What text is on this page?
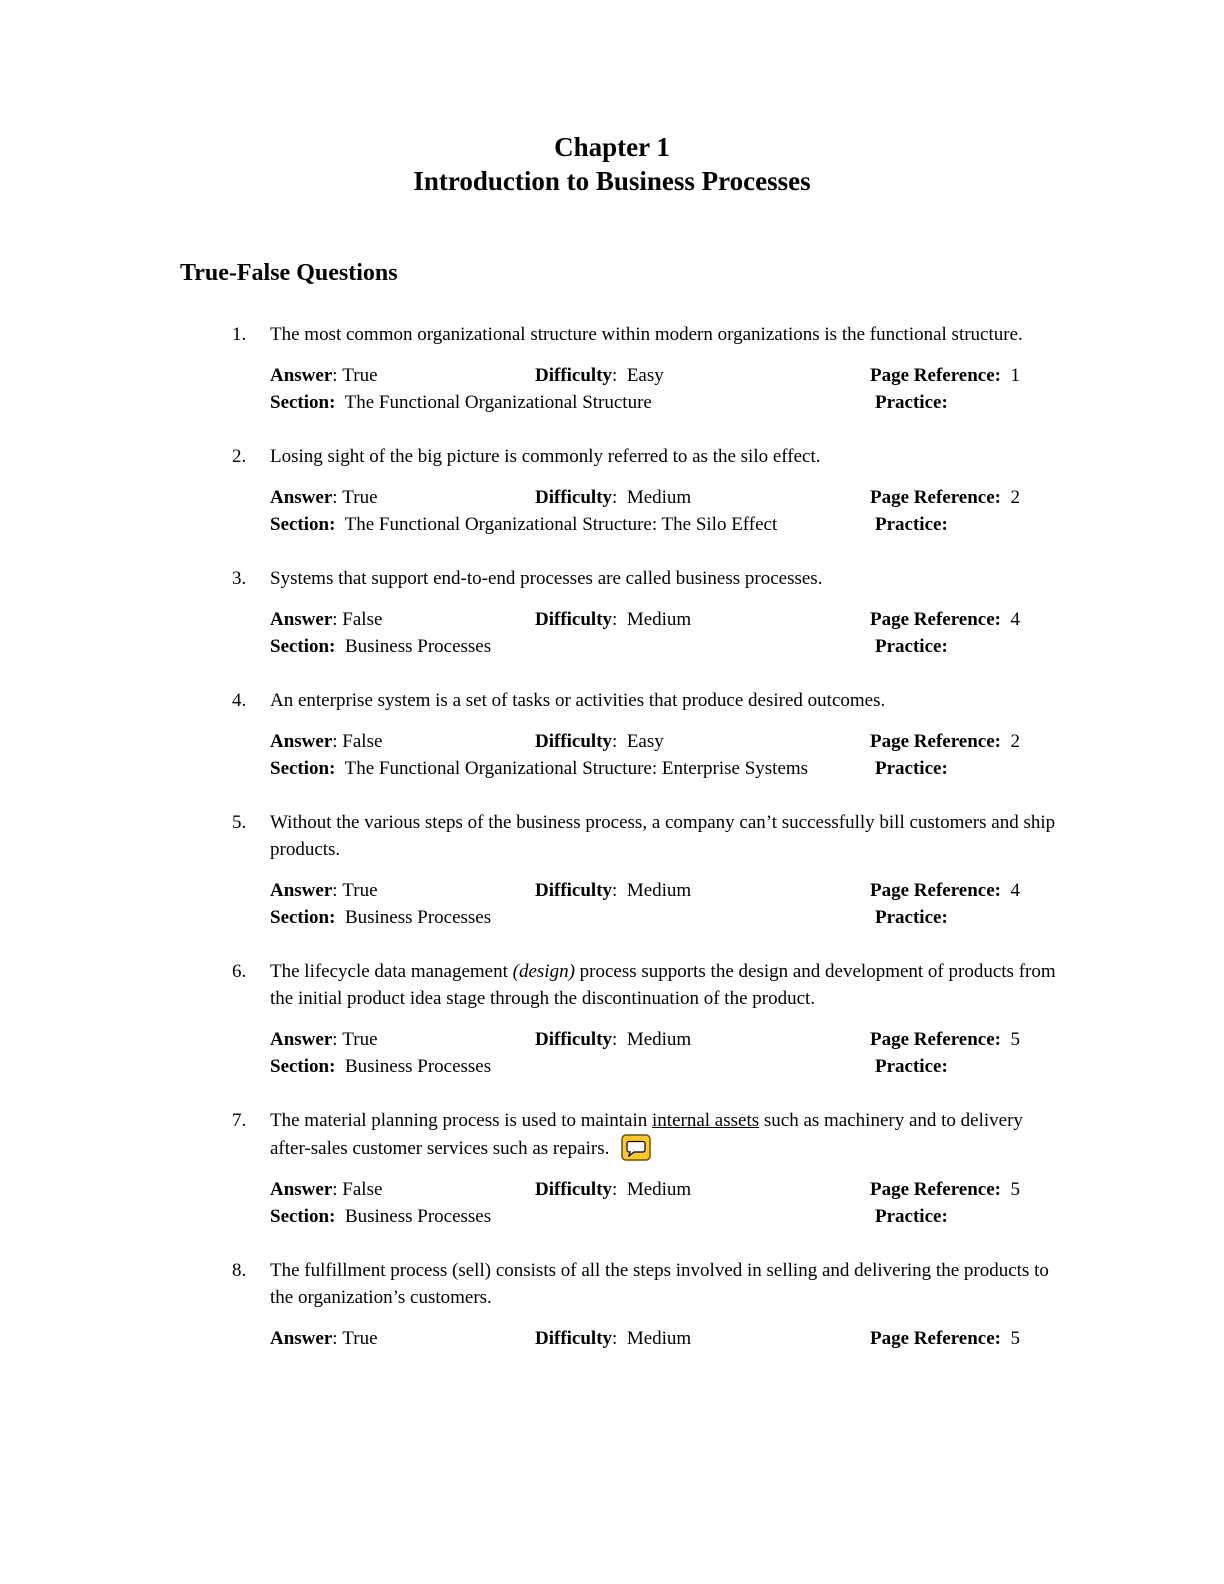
Chapter 1
Introduction to Business Processes
True-False Questions
1.	The most common organizational structure within modern organizations is the functional structure.

Answer: True	Difficulty:  Easy	Page Reference:  1
Section:  The Functional Organizational Structure	Practice:
2.	Losing sight of the big picture is commonly referred to as the silo effect.

Answer: True	Difficulty:  Medium	Page Reference:  2
Section:  The Functional Organizational Structure: The Silo Effect	Practice:
3.	Systems that support end-to-end processes are called business processes.

Answer: False	Difficulty:  Medium	Page Reference:  4
Section:  Business Processes	Practice:
4.	An enterprise system is a set of tasks or activities that produce desired outcomes.

Answer: False	Difficulty:  Easy	Page Reference:  2
Section:  The Functional Organizational Structure: Enterprise Systems	Practice:
5.	Without the various steps of the business process, a company can’t successfully bill customers and ship products.

Answer: True	Difficulty:  Medium	Page Reference:  4
Section:  Business Processes	Practice:
6.	The lifecycle data management (design) process supports the design and development of products from the initial product idea stage through the discontinuation of the product.

Answer: True	Difficulty:  Medium	Page Reference:  5
Section:  Business Processes	Practice:
7.	The material planning process is used to maintain internal assets such as machinery and to delivery after-sales customer services such as repairs.

Answer: False	Difficulty:  Medium	Page Reference:  5
Section:  Business Processes	Practice:
8.	The fulfillment process (sell) consists of all the steps involved in selling and delivering the products to the organization’s customers.

Answer: True	Difficulty:  Medium	Page Reference:  5
